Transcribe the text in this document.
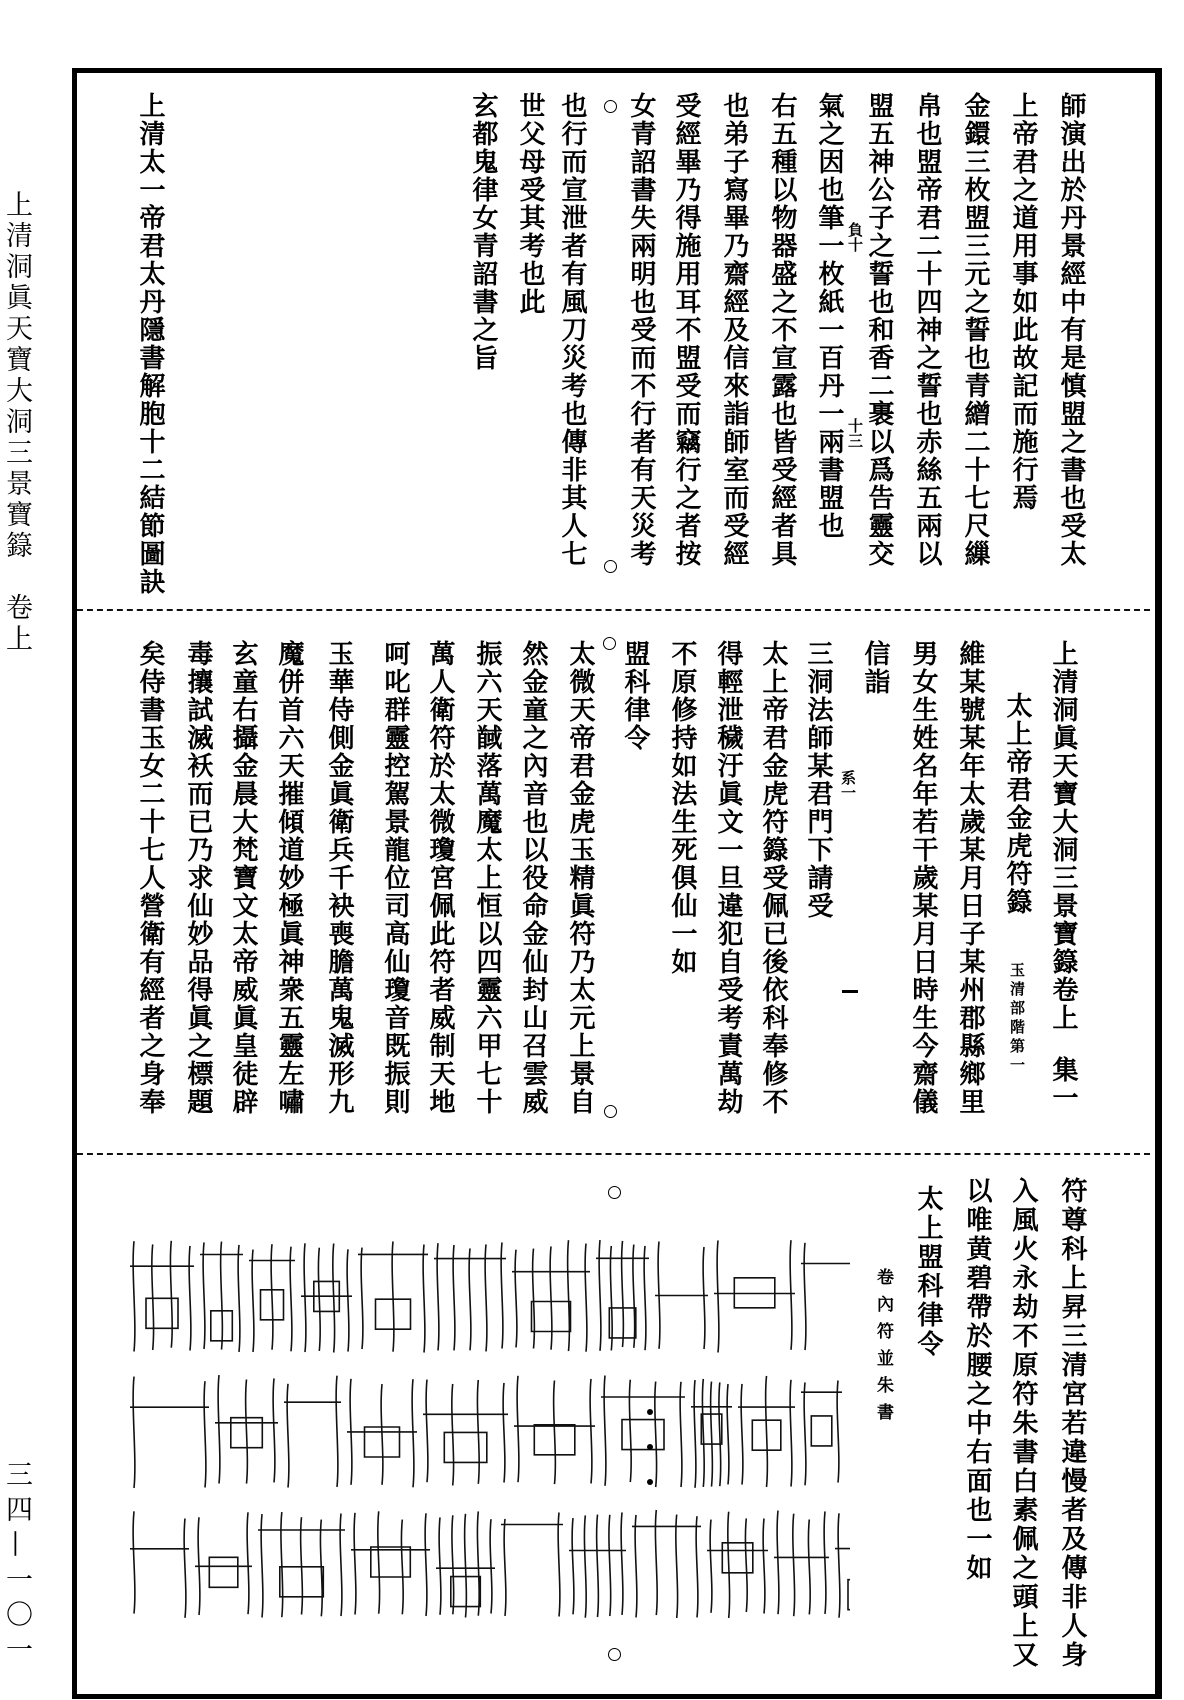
上清洞眞天寶大洞三景寶籙　卷上
三四—一〇一
師演出於丹景經中有是慎盟之書也受太
上帝君之道用事如此故記而施行焉
金鐶三枚盟三元之誓也青繒二十七尺繅
帛也盟帝君二十四神之誓也赤絲五兩以
盟五神公子之誓也和香二裹以爲告靈交
負十
十三
氣之因也筆一枚紙一百丹一兩書盟也
右五種以物器盛之不宣露也皆受經者具
也弟子寫畢乃齋經及信來詣師室而受經
受經畢乃得施用耳不盟受而竊行之者按
女青詔書失兩明也受而不行者有天災考
也行而宣泄者有風刀災考也傳非其人七
世父母受其考也此
玄都鬼律女青詔書之旨
上清太一帝君太丹隱書解胞十二結節圖訣
上清洞眞天寶大洞三景寶籙卷上
集一
太上帝君金虎符籙
玉清部階第一
維某號某年太歲某月日子某州郡縣鄉里
男女生姓名年若干歲某月日時生今齋儀
信詣
系一
三洞法師某君門下請受
太上帝君金虎符籙受佩已後依科奉修不
得輕泄穢汙眞文一旦違犯自受考責萬劫
不原修持如法生死俱仙一如
盟科律令
太微天帝君金虎玉精眞符乃太元上景自
然金童之內音也以役命金仙封山召雲威
振六天馘落萬魔太上恒以四靈六甲七十
萬人衛符於太微瓊宮佩此符者威制天地
呵叱群靈控駕景龍位司高仙瓊音既振則
玉華侍側金眞衛兵千袂喪膽萬鬼滅形九
魔併首六天摧傾道妙極眞神衆五靈左嘯
玄童右攝金晨大梵寶文太帝威眞皇徒辟
毒攘試滅袄而已乃求仙妙品得眞之標題
矣侍書玉女二十七人營衛有經者之身奉
符尊科上昇三清宮若違慢者及傳非人身
入風火永劫不原符朱書白素佩之頭上又
以唯黄碧帶於腰之中右面也一如
太上盟科律令
卷內符並朱書
